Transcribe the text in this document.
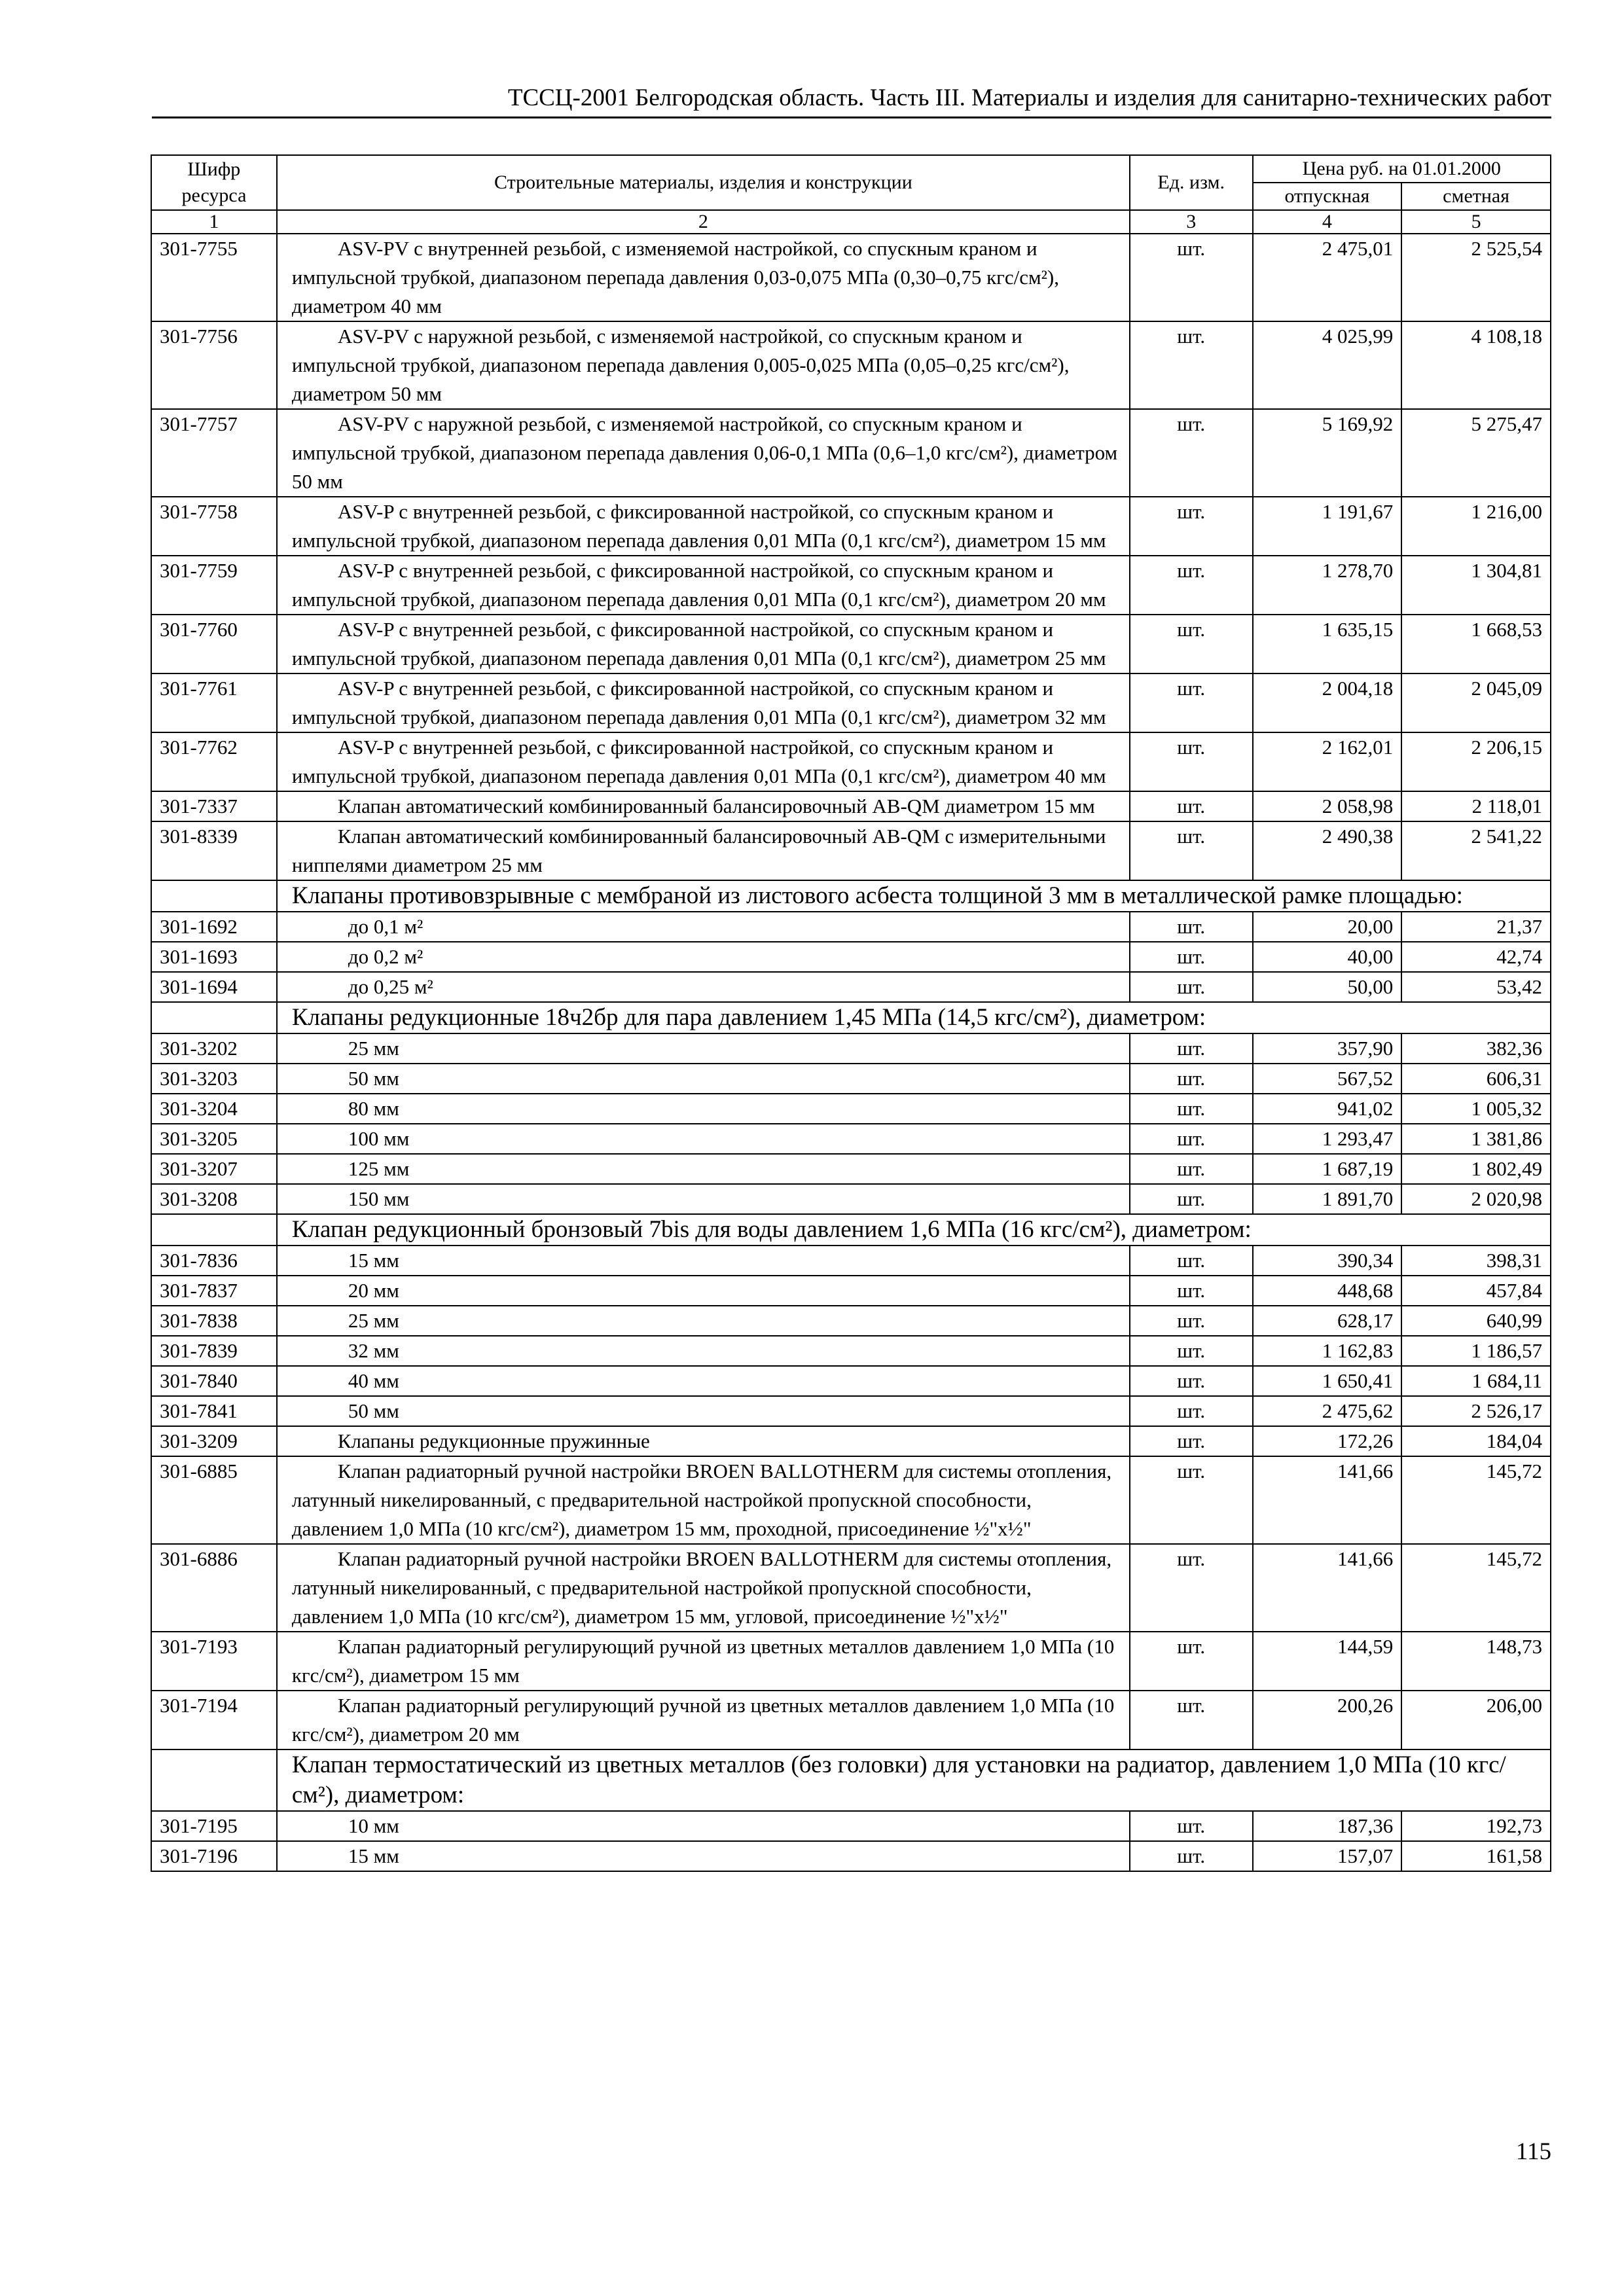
ТССЦ-2001 Белгородская область. Часть III. Материалы и изделия для санитарно-технических работ
Шифр ресурса	Строительные материалы, изделия и конструкции	Ед. изм.	Цена руб. на 01.01.2000	
			отпускная	сметная
1	2	3	4	5
301-7755	ASV-PV с внутренней резьбой, с изменяемой настройкой, со спускным краном и импульсной трубкой, диапазоном перепада давления 0,03-0,075 МПа (0,30–0,75 кгс/см²), диаметром 40 мм	шт.	2 475,01	2 525,54
301-7756	ASV-PV с наружной резьбой, с изменяемой настройкой, со спускным краном и импульсной трубкой, диапазоном перепада давления 0,005-0,025 МПа (0,05–0,25 кгс/см²), диаметром 50 мм	шт.	4 025,99	4 108,18
301-7757	ASV-PV с наружной резьбой, с изменяемой настройкой, со спускным краном и импульсной трубкой, диапазоном перепада давления 0,06-0,1 МПа (0,6–1,0 кгс/см²), диаметром 50 мм	шт.	5 169,92	5 275,47
301-7758	ASV-P с внутренней резьбой, с фиксированной настройкой, со спускным краном и импульсной трубкой, диапазоном перепада давления 0,01 МПа (0,1 кгс/см²), диаметром 15 мм	шт.	1 191,67	1 216,00
301-7759	ASV-P с внутренней резьбой, с фиксированной настройкой, со спускным краном и импульсной трубкой, диапазоном перепада давления 0,01 МПа (0,1 кгс/см²), диаметром 20 мм	шт.	1 278,70	1 304,81
301-7760	ASV-P с внутренней резьбой, с фиксированной настройкой, со спускным краном и импульсной трубкой, диапазоном перепада давления 0,01 МПа (0,1 кгс/см²), диаметром 25 мм	шт.	1 635,15	1 668,53
301-7761	ASV-P с внутренней резьбой, с фиксированной настройкой, со спускным краном и импульсной трубкой, диапазоном перепада давления 0,01 МПа (0,1 кгс/см²), диаметром 32 мм	шт.	2 004,18	2 045,09
301-7762	ASV-P с внутренней резьбой, с фиксированной настройкой, со спускным краном и импульсной трубкой, диапазоном перепада давления 0,01 МПа (0,1 кгс/см²), диаметром 40 мм	шт.	2 162,01	2 206,15
301-7337	Клапан автоматический комбинированный балансировочный AB-QM диаметром 15 мм	шт.	2 058,98	2 118,01
301-8339	Клапан автоматический комбинированный балансировочный AB-QM с измерительными ниппелями диаметром 25 мм	шт.	2 490,38	2 541,22
	Клапаны противовзрывные с мембраной из листового асбеста толщиной 3 мм в металлической рамке площадью:			
301-1692	до 0,1 м²	шт.	20,00	21,37
301-1693	до 0,2 м²	шт.	40,00	42,74
301-1694	до 0,25 м²	шт.	50,00	53,42
	Клапаны редукционные 18ч2бр для пара давлением 1,45 МПа (14,5 кгс/см²), диаметром:			
301-3202	25 мм	шт.	357,90	382,36
301-3203	50 мм	шт.	567,52	606,31
301-3204	80 мм	шт.	941,02	1 005,32
301-3205	100 мм	шт.	1 293,47	1 381,86
301-3207	125 мм	шт.	1 687,19	1 802,49
301-3208	150 мм	шт.	1 891,70	2 020,98
	Клапан редукционный бронзовый 7bis для воды давлением 1,6 МПа (16 кгс/см²), диаметром:			
301-7836	15 мм	шт.	390,34	398,31
301-7837	20 мм	шт.	448,68	457,84
301-7838	25 мм	шт.	628,17	640,99
301-7839	32 мм	шт.	1 162,83	1 186,57
301-7840	40 мм	шт.	1 650,41	1 684,11
301-7841	50 мм	шт.	2 475,62	2 526,17
301-3209	Клапаны редукционные пружинные	шт.	172,26	184,04
301-6885	Клапан радиаторный ручной настройки BROEN BALLOTHERM для системы отопления, латунный никелированный, с предварительной настройкой пропускной способности, давлением 1,0 МПа (10 кгс/см²), диаметром 15 мм, проходной, присоединение ½"x½"	шт.	141,66	145,72
301-6886	Клапан радиаторный ручной настройки BROEN BALLOTHERM для системы отопления, латунный никелированный, с предварительной настройкой пропускной способности, давлением 1,0 МПа (10 кгс/см²), диаметром 15 мм, угловой, присоединение ½"x½"	шт.	141,66	145,72
301-7193	Клапан радиаторный регулирующий ручной из цветных металлов давлением 1,0 МПа (10 кгс/см²), диаметром 15 мм	шт.	144,59	148,73
301-7194	Клапан радиаторный регулирующий ручной из цветных металлов давлением 1,0 МПа (10 кгс/см²), диаметром 20 мм	шт.	200,26	206,00
	Клапан термостатический из цветных металлов (без головки) для установки на радиатор, давлением 1,0 МПа (10 кгс/см²), диаметром:			
301-7195	10 мм	шт.	187,36	192,73
301-7196	15 мм	шт.	157,07	161,58
115
